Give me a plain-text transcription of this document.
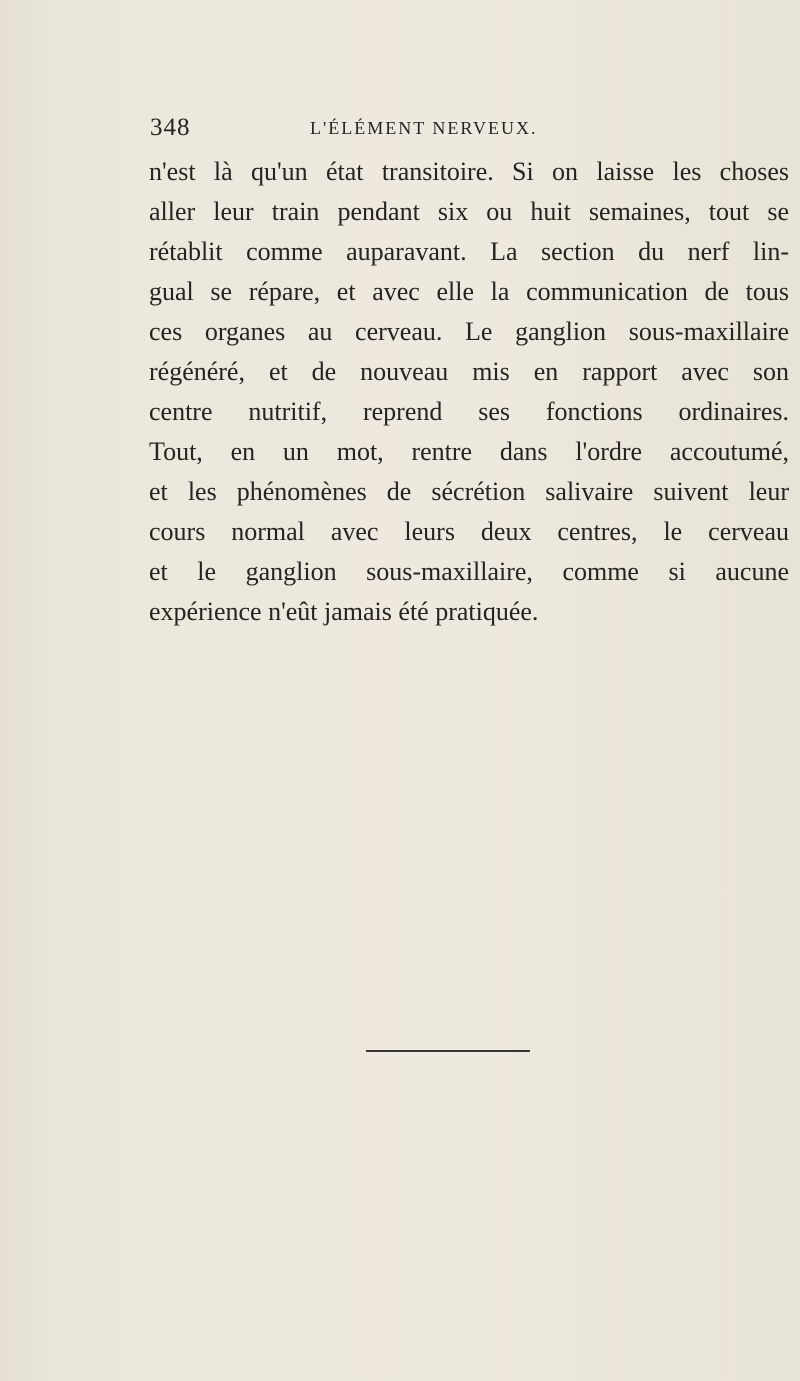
348	L'ÉLÉMENT NERVEUX.

n'est là qu'un état transitoire. Si on laisse les choses
aller leur train pendant six ou huit semaines, tout se
rétablit comme auparavant. La section du nerf lin-
gual se répare, et avec elle la communication de tous
ces organes au cerveau. Le ganglion sous-maxillaire
régénéré, et de nouveau mis en rapport avec son
centre nutritif, reprend ses fonctions ordinaires.
Tout, en un mot, rentre dans l'ordre accoutumé,
et les phénomènes de sécrétion salivaire suivent leur
cours normal avec leurs deux centres, le cerveau
et le ganglion sous-maxillaire, comme si aucune
expérience n'eût jamais été pratiquée.
